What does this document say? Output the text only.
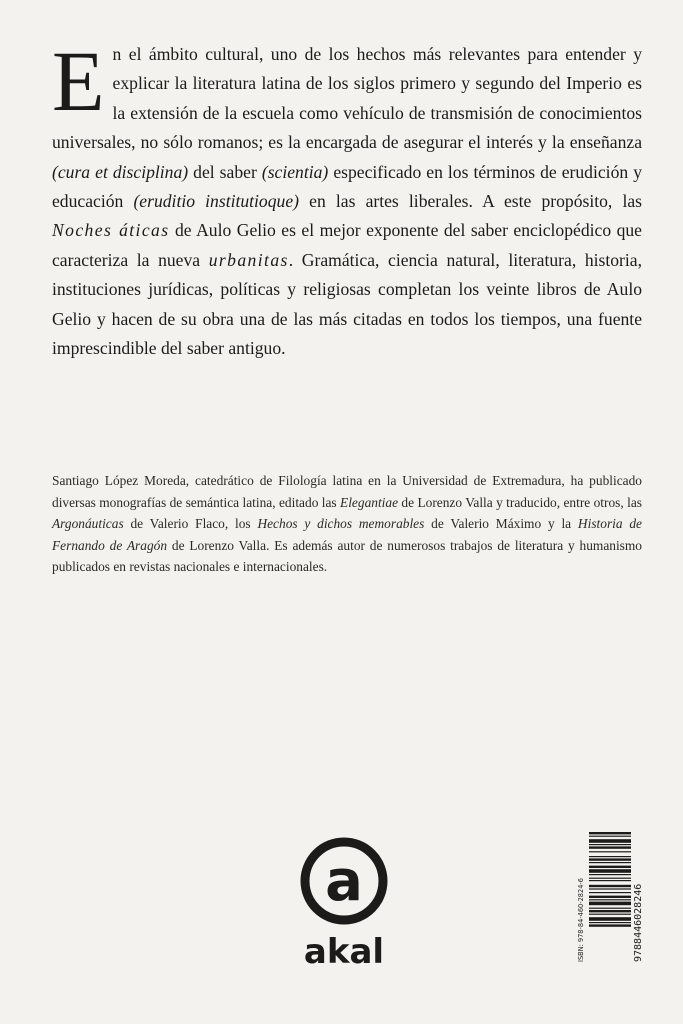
En el ámbito cultural, uno de los hechos más relevantes para entender y explicar la literatura latina de los siglos primero y segundo del Imperio es la extensión de la escuela como vehículo de transmisión de conocimientos universales, no sólo romanos; es la encargada de asegurar el interés y la enseñanza (cura et disciplina) del saber (scientia) especificado en los términos de erudición y educación (eruditio institutioque) en las artes liberales. A este propósito, las Noches áticas de Aulo Gelio es el mejor exponente del saber enciclopédico que caracteriza la nueva urbanitas. Gramática, ciencia natural, literatura, historia, instituciones jurídicas, políticas y religiosas completan los veinte libros de Aulo Gelio y hacen de su obra una de las más citadas en todos los tiempos, una fuente imprescindible del saber antiguo.

Santiago López Moreda, catedrático de Filología latina en la Universidad de Extremadura, ha publicado diversas monografías de semántica latina, editado las Elegantiae de Lorenzo Valla y traducido, entre otros, las Argonáuticas de Valerio Flaco, los Hechos y dichos memorables de Valerio Máximo y la Historia de Fernando de Aragón de Lorenzo Valla. Es además autor de numerosos trabajos de literatura y humanismo publicados en revistas nacionales e internacionales.

a
akal	ISBN: 978-84-460-2824-6	9788446028246
